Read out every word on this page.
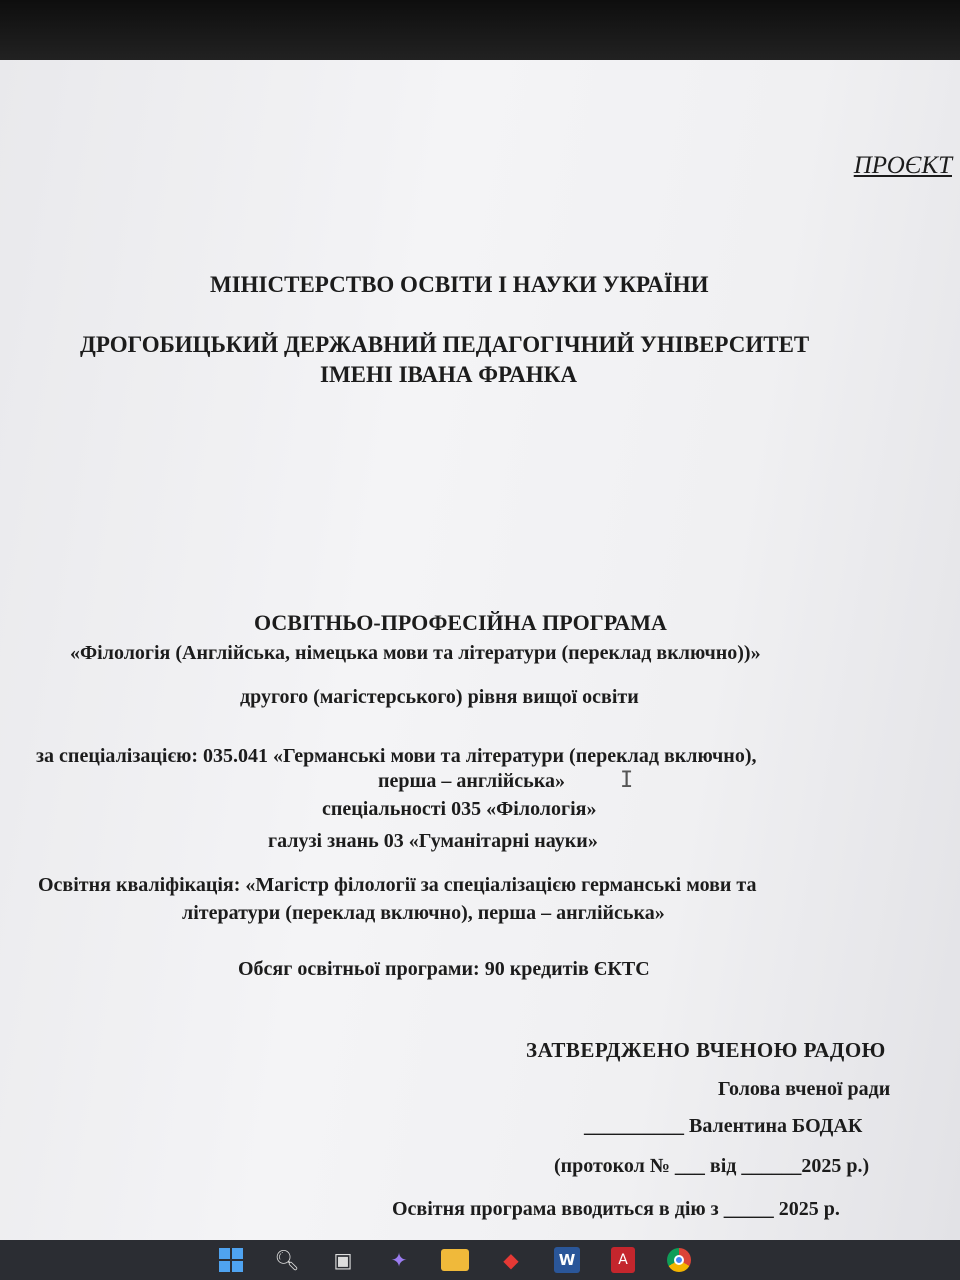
ПРОЄКТ
МІНІСТЕРСТВО ОСВІТИ І НАУКИ УКРАЇНИ
ДРОГОБИЦЬКИЙ ДЕРЖАВНИЙ ПЕДАГОГІЧНИЙ УНІВЕРСИТЕТ
ІМЕНІ ІВАНА ФРАНКА
ОСВІТНЬО-ПРОФЕСІЙНА ПРОГРАМА
«Філологія (Англійська, німецька мови та літератури (переклад включно))»
другого (магістерського) рівня вищої освіти
за спеціалізацією: 035.041 «Германські мови та літератури (переклад включно),
перша – англійська»	I
спеціальності 035 «Філологія»
галузі знань 03 «Гуманітарні науки»
Освітня кваліфікація: «Магістр філології за спеціалізацією германські мови та
літератури (переклад включно), перша – англійська»
Обсяг освітньої програми: 90 кредитів ЄКТС
ЗАТВЕРДЖЕНО ВЧЕНОЮ РАДОЮ
Голова вченої ради
__________ Валентина БОДАК
(протокол № ___ від ______2025 р.)
Освітня програма вводиться в дію з _____ 2025 р.
🔍︎	▣	✦	◆	W	A
